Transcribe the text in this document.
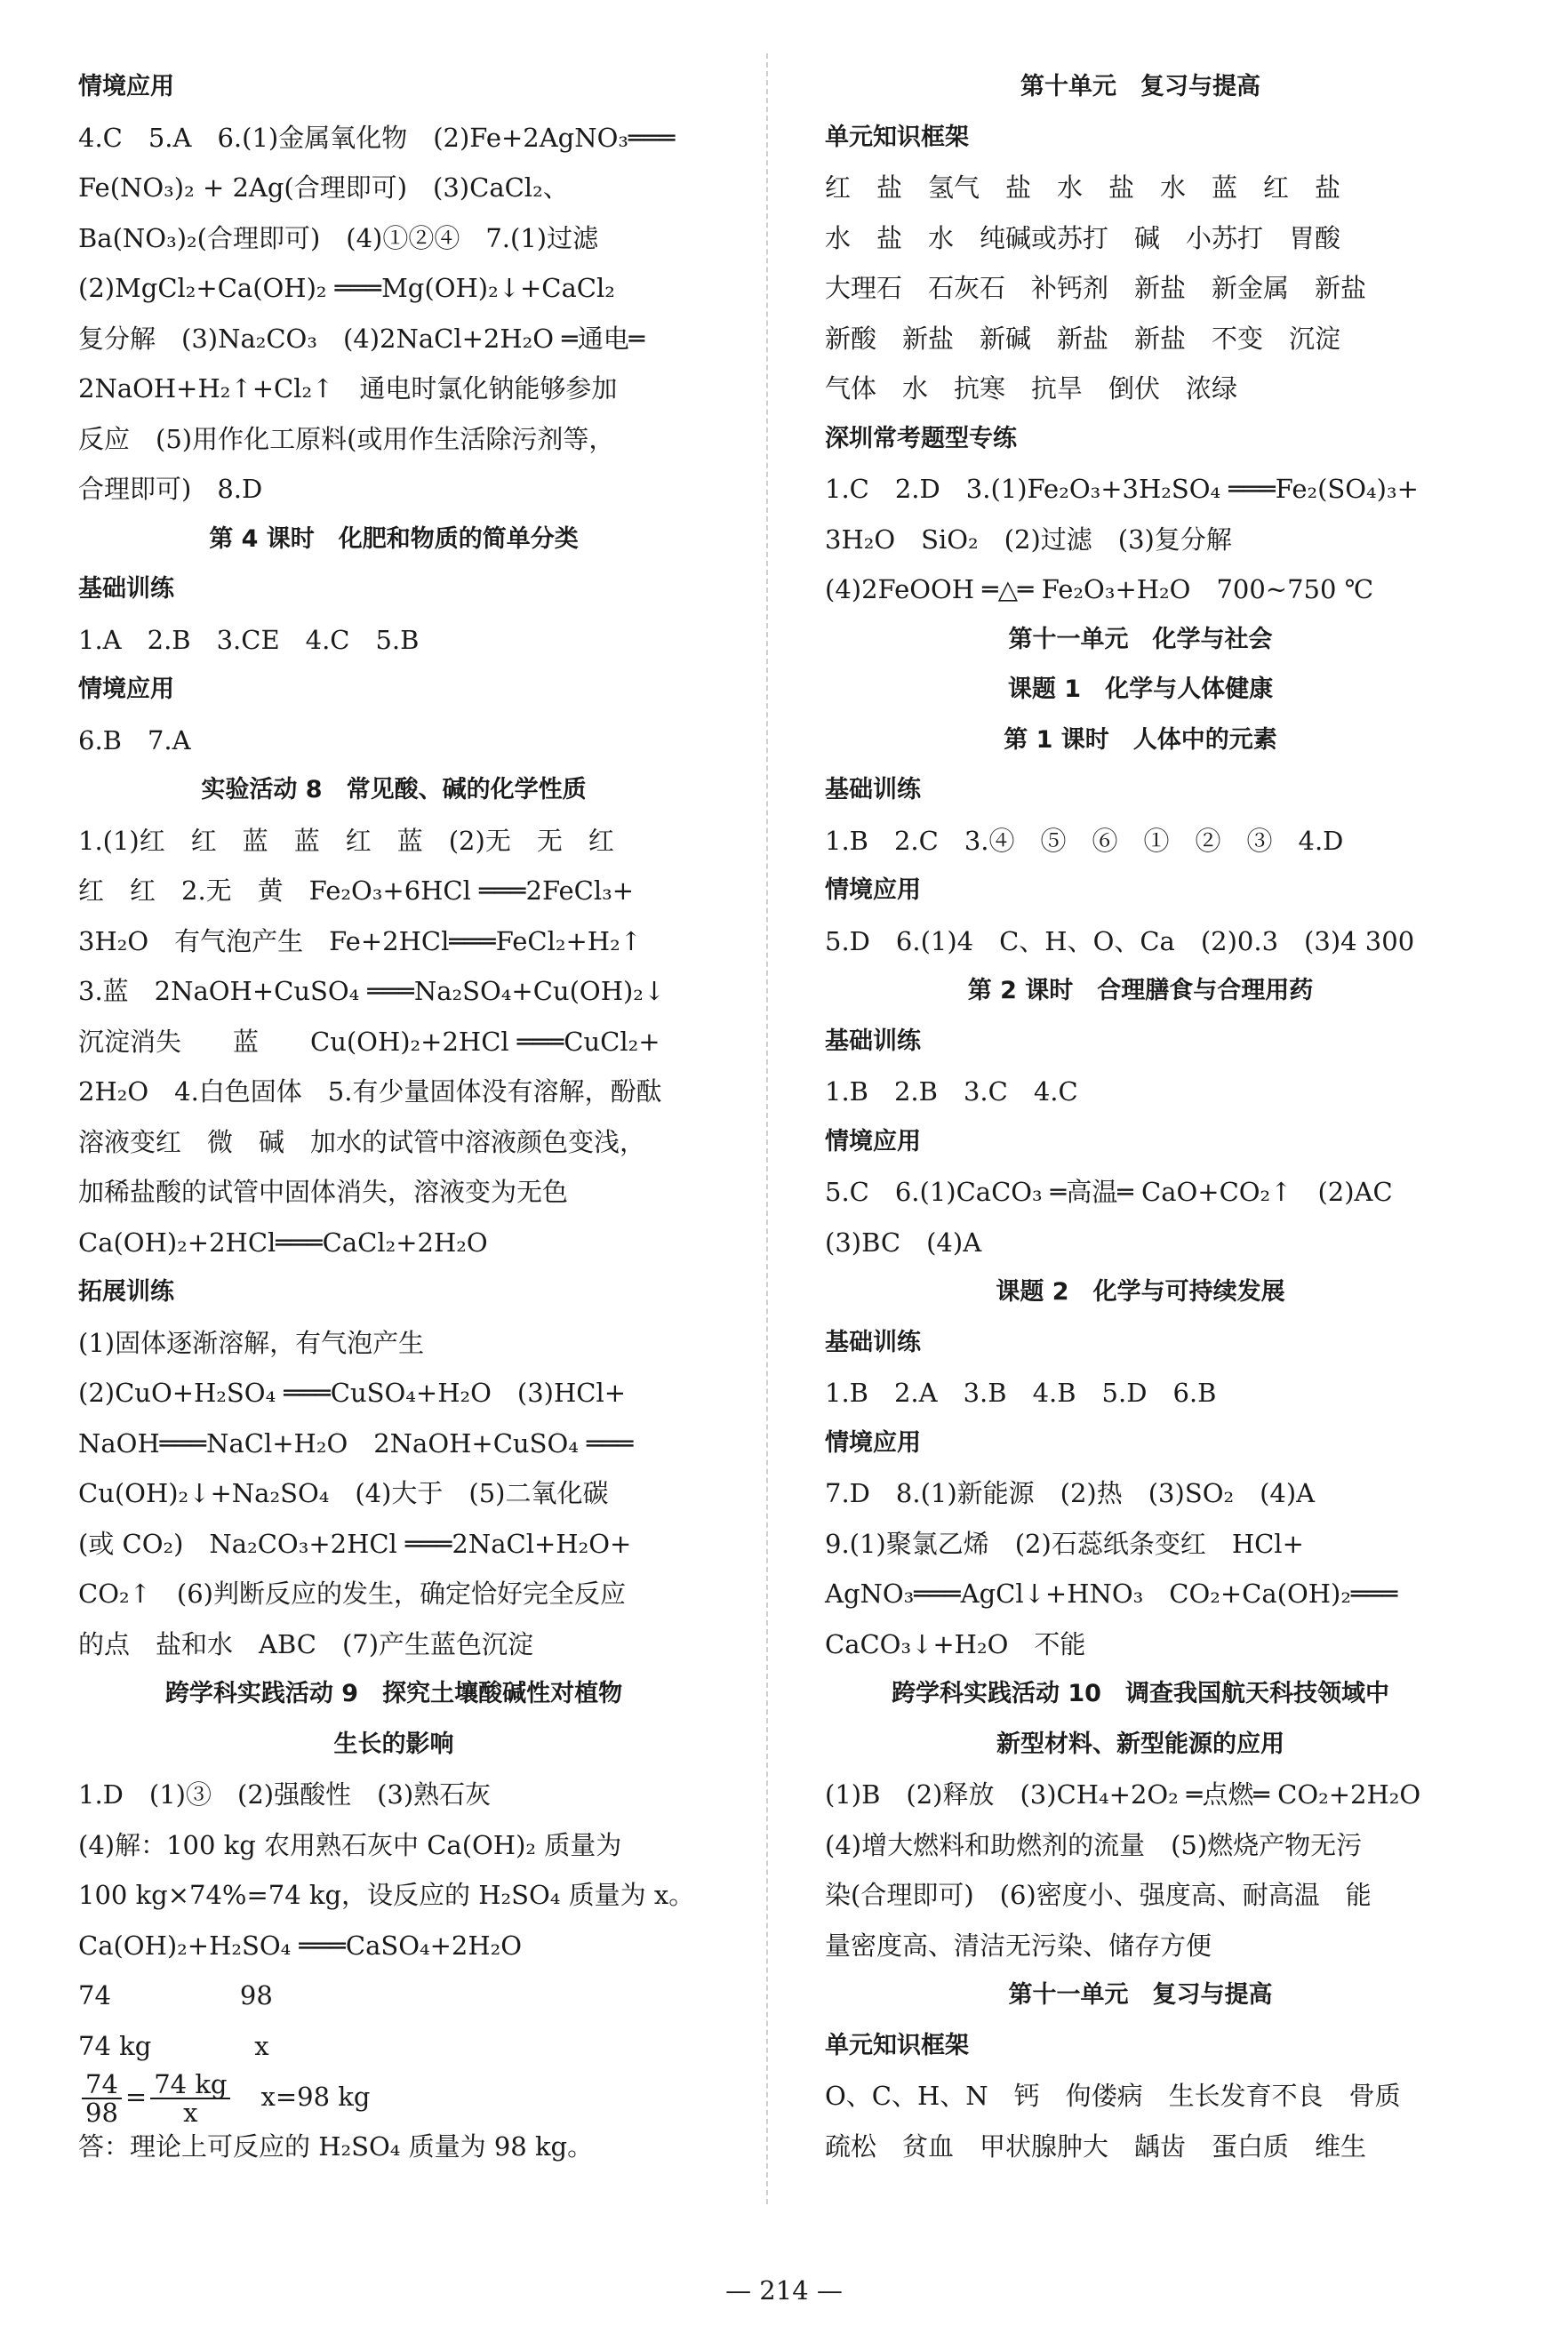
情境应用
4.C　5.A　6.(1)金属氧化物　(2)Fe+2AgNO₃═══
Fe(NO₃)₂ + 2Ag(合理即可)　(3)CaCl₂、
Ba(NO₃)₂(合理即可)　(4)①②④　7.(1)过滤
(2)MgCl₂+Ca(OH)₂ ═══Mg(OH)₂↓+CaCl₂
复分解　(3)Na₂CO₃　(4)2NaCl+2H₂O ═通电═
2NaOH+H₂↑+Cl₂↑　通电时氯化钠能够参加
反应　(5)用作化工原料(或用作生活除污剂等，
合理即可)　8.D
第 4 课时　化肥和物质的简单分类
基础训练
1.A　2.B　3.CE　4.C　5.B
情境应用
6.B　7.A
实验活动 8　常见酸、碱的化学性质
1.(1)红　红　蓝　蓝　红　蓝　(2)无　无　红
红　红　2.无　黄　Fe₂O₃+6HCl ═══2FeCl₃+
3H₂O　有气泡产生　Fe+2HCl═══FeCl₂+H₂↑
3.蓝　2NaOH+CuSO₄ ═══Na₂SO₄+Cu(OH)₂↓
沉淀消失　　蓝　　Cu(OH)₂+2HCl ═══CuCl₂+
2H₂O　4.白色固体　5.有少量固体没有溶解，酚酞
溶液变红　微　碱　加水的试管中溶液颜色变浅，
加稀盐酸的试管中固体消失，溶液变为无色
Ca(OH)₂+2HCl═══CaCl₂+2H₂O
拓展训练
(1)固体逐渐溶解，有气泡产生
(2)CuO+H₂SO₄ ═══CuSO₄+H₂O　(3)HCl+
NaOH═══NaCl+H₂O　2NaOH+CuSO₄ ═══
Cu(OH)₂↓+Na₂SO₄　(4)大于　(5)二氧化碳
(或 CO₂)　Na₂CO₃+2HCl ═══2NaCl+H₂O+
CO₂↑　(6)判断反应的发生，确定恰好完全反应
的点　盐和水　ABC　(7)产生蓝色沉淀
跨学科实践活动 9　探究土壤酸碱性对植物
生长的影响
1.D　(1)③　(2)强酸性　(3)熟石灰
(4)解：100 kg 农用熟石灰中 Ca(OH)₂ 质量为
100 kg×74%=74 kg，设反应的 H₂SO₄ 质量为 x。
Ca(OH)₂+H₂SO₄ ═══CaSO₄+2H₂O
74　　　　　98
74 kg　　　　x
$\frac{74}{98} = \frac{74 kg}{x} x=98$ kg
答：理论上可反应的 H₂SO₄ 质量为 98 kg。
第十单元　复习与提高
单元知识框架
红　盐　氢气　盐　水　盐　水　蓝　红　盐
水　盐　水　纯碱或苏打　碱　小苏打　胃酸
大理石　石灰石　补钙剂　新盐　新金属　新盐
新酸　新盐　新碱　新盐　新盐　不变　沉淀
气体　水　抗寒　抗旱　倒伏　浓绿
深圳常考题型专练
1.C　2.D　3.(1)Fe₂O₃+3H₂SO₄ ═══Fe₂(SO₄)₃+
3H₂O　SiO₂　(2)过滤　(3)复分解
(4)2FeOOH ═△═ Fe₂O₃+H₂O　700~750 ℃
第十一单元　化学与社会
课题 1　化学与人体健康
第 1 课时　人体中的元素
基础训练
1.B　2.C　3.④　⑤　⑥　①　②　③　4.D
情境应用
5.D　6.(1)4　C、H、O、Ca　(2)0.3　(3)4 300
第 2 课时　合理膳食与合理用药
基础训练
1.B　2.B　3.C　4.C
情境应用
5.C　6.(1)CaCO₃ ═高温═ CaO+CO₂↑　(2)AC
(3)BC　(4)A
课题 2　化学与可持续发展
基础训练
1.B　2.A　3.B　4.B　5.D　6.B
情境应用
7.D　8.(1)新能源　(2)热　(3)SO₂　(4)A
9.(1)聚氯乙烯　(2)石蕊纸条变红　HCl+
AgNO₃═══AgCl↓+HNO₃　CO₂+Ca(OH)₂═══
CaCO₃↓+H₂O　不能
跨学科实践活动 10　调查我国航天科技领域中
新型材料、新型能源的应用
(1)B　(2)释放　(3)CH₄+2O₂ ═点燃═ CO₂+2H₂O
(4)增大燃料和助燃剂的流量　(5)燃烧产物无污
染(合理即可)　(6)密度小、强度高、耐高温　能
量密度高、清洁无污染、储存方便
第十一单元　复习与提高
单元知识框架
O、C、H、N　钙　佝偻病　生长发育不良　骨质
疏松　贫血　甲状腺肿大　龋齿　蛋白质　维生
— 214 —
